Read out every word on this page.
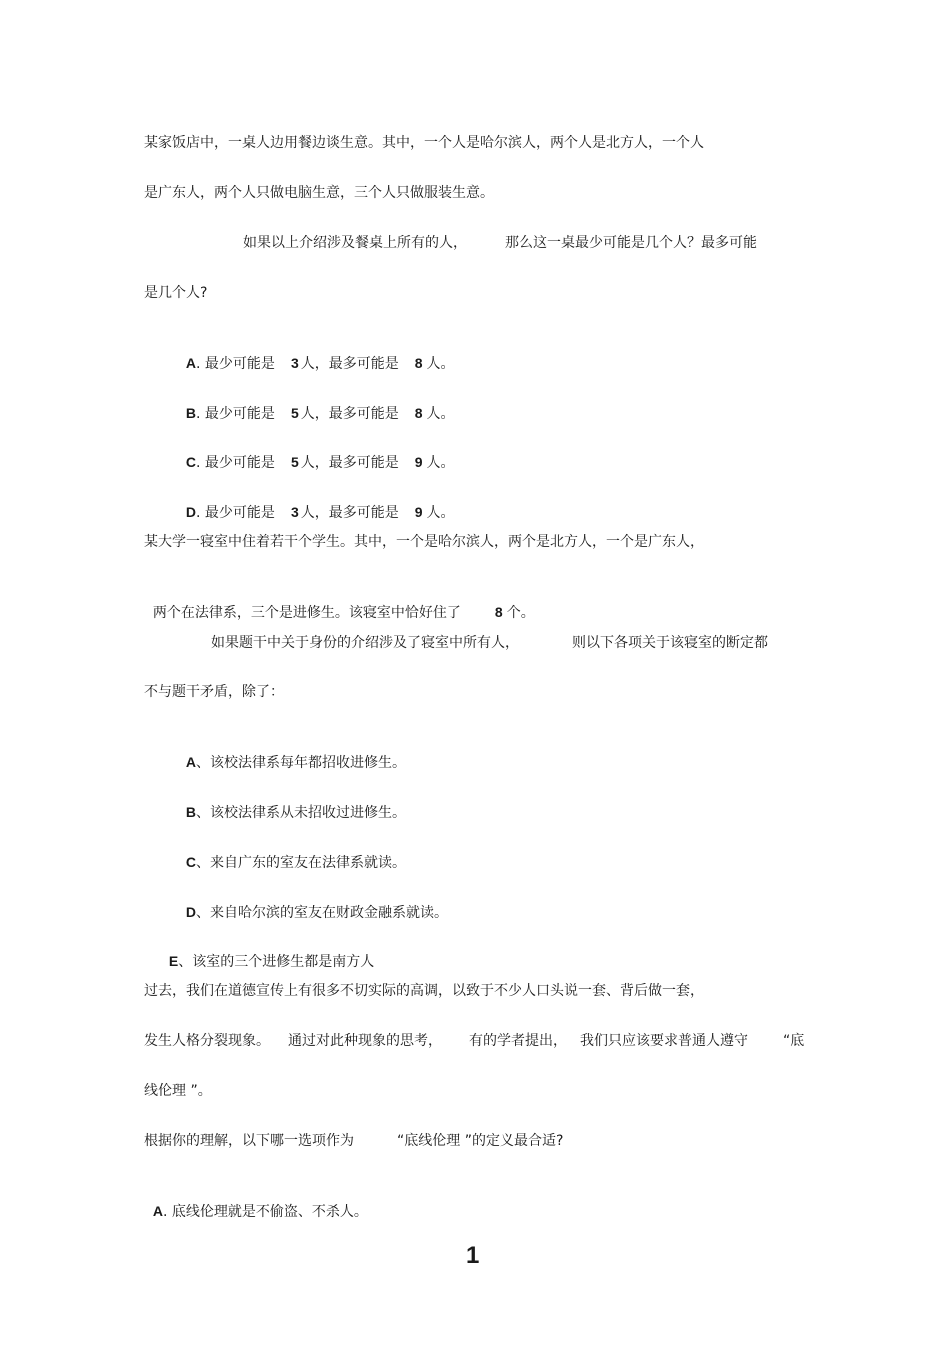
某家饭店中，一桌人边用餐边谈生意。其中，一个人是哈尔滨人，两个人是北方人，一个人
是广东人，两个人只做电脑生意，三个人只做服装生意。
如果以上介绍涉及餐桌上所有的人，	那么这一桌最少可能是几个人？最多可能
是几个人?

A. 最少可能是 3 人，最多可能是 8 人。

B. 最少可能是 5 人，最多可能是 8 人。

C. 最少可能是 5 人，最多可能是 9 人。

D. 最少可能是 3 人，最多可能是 9 人。

某大学一寝室中住着若干个学生。其中，一个是哈尔滨人，两个是北方人，一个是广东人，

两个在法律系，三个是进修生。该寝室中恰好住了 8 个。

如果题干中关于身份的介绍涉及了寝室中所有人，	则以下各项关于该寝室的断定都
不与题干矛盾，除了：

A、该校法律系每年都招收进修生。

B、该校法律系从未招收过进修生。

C、来自广东的室友在法律系就读。

D、来自哈尔滨的室友在财政金融系就读。

E、该室的三个进修生都是南方人

过去，我们在道德宣传上有很多不切实际的高调，以致于不少人口头说一套、背后做一套，
发生人格分裂现象。 通过对此种现象的思考， 有的学者提出， 我们只应该要求普通人遵守	“底
线伦理 ”。
根据你的理解，以下哪一选项作为	“底线伦理 ”的定义最合适?

A. 底线伦理就是不偷盗、不杀人。

1
